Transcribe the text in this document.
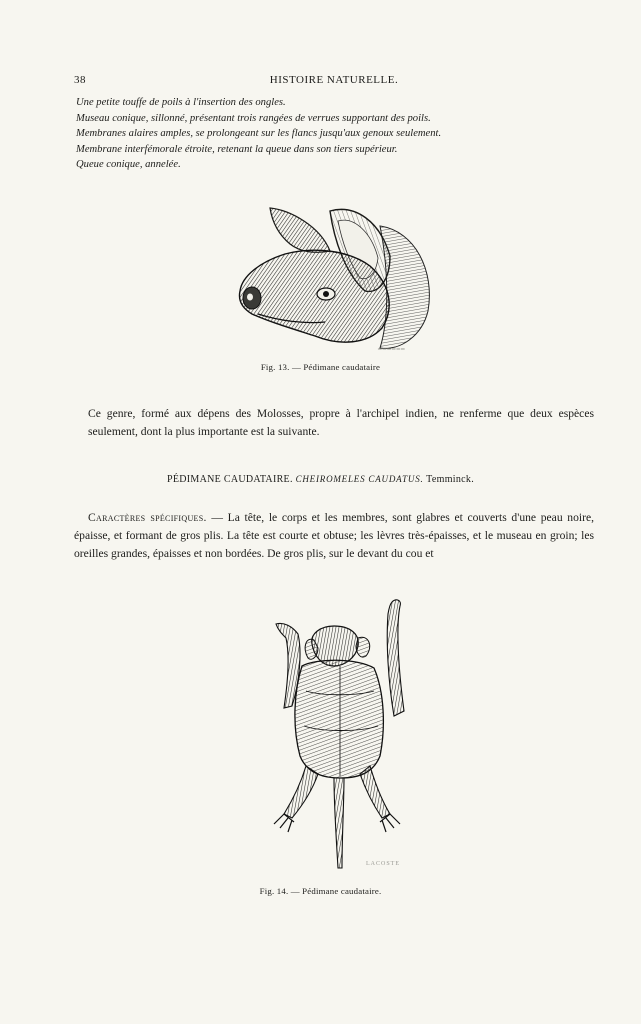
38	HISTOIRE NATURELLE.
Une petite touffe de poils à l'insertion des ongles.
Museau conique, sillonné, présentant trois rangées de verrues supportant des poils.
Membranes alaires amples, se prolongeant sur les flancs jusqu'aux genoux seulement.
Membrane interfémorale étroite, retenant la queue dans son tiers supérieur.
Queue conique, annelée.
━━━━━━
Fig. 13. — Pédimane caudataire

Ce genre, formé aux dépens des Molosses, propre à l'archipel indien, ne renferme que deux espèces seulement, dont la plus importante est la suivante.

PÉDIMANE CAUDATAIRE. CHEIROMELES CAUDATUS. Temminck.

Caractères spécifiques. — La tête, le corps et les membres, sont glabres et couverts d'une peau noire, épaisse, et formant de gros plis. La tête est courte et obtuse; les lèvres très-épaisses, et le museau en groin; les oreilles grandes, épaisses et non bordées. De gros plis, sur le devant du cou et

LACOSTE
Fig. 14. — Pédimane caudataire.
